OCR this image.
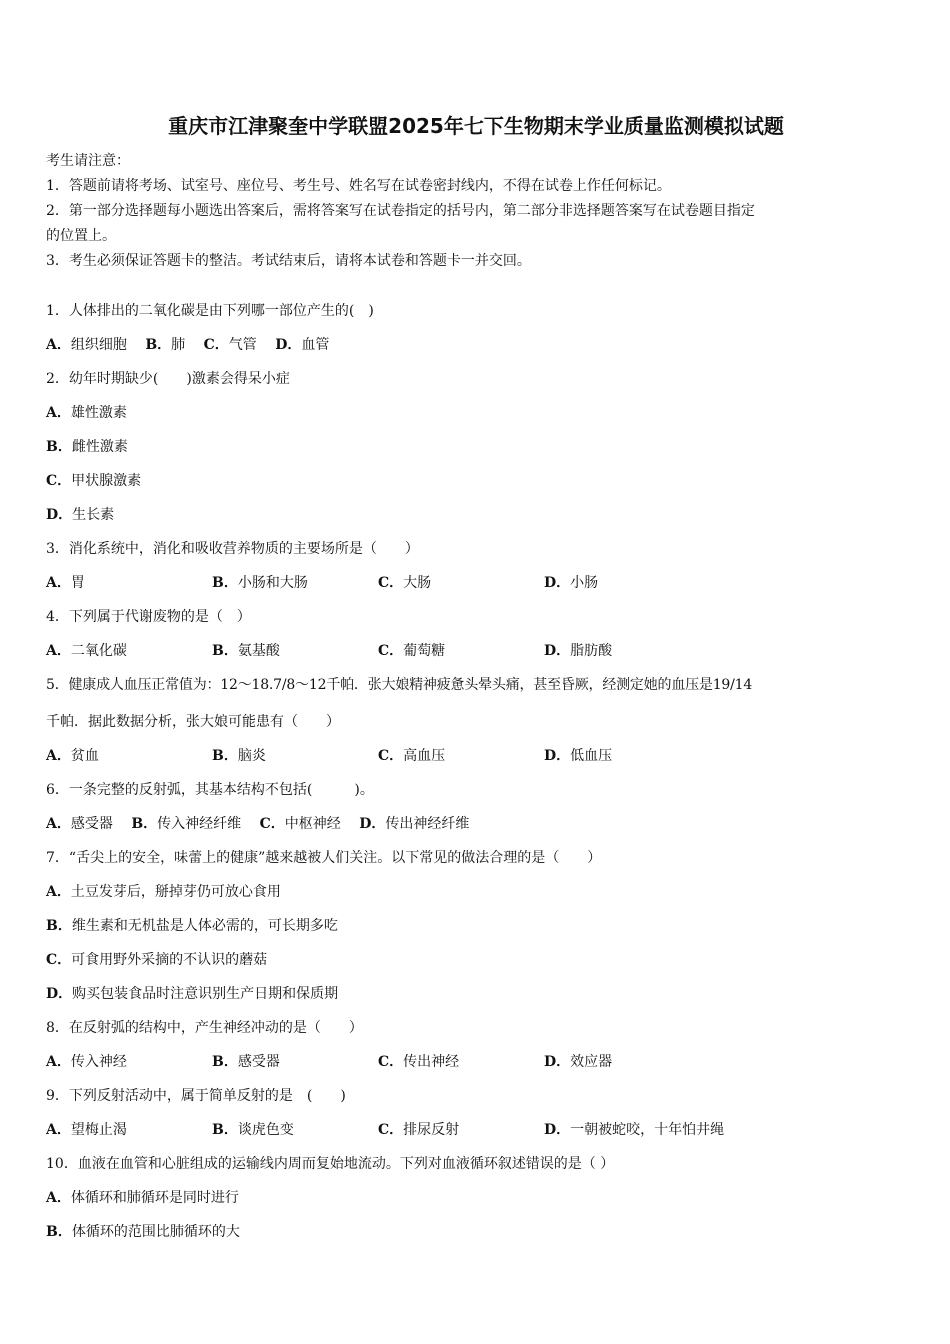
重庆市江津聚奎中学联盟2025年七下生物期末学业质量监测模拟试题

考生请注意：

1．答题前请将考场、试室号、座位号、考生号、姓名写在试卷密封线内，不得在试卷上作任何标记。

2．第一部分选择题每小题选出答案后，需将答案写在试卷指定的括号内，第二部分非选择题答案写在试卷题目指定

的位置上。

3．考生必须保证答题卡的整洁。考试结束后，请将本试卷和答题卡一并交回。

1．人体排出的二氧化碳是由下列哪一部位产生的(　)
A．组织细胞 B．肺 C．气管 D．血管
2．幼年时期缺少(　　)激素会得呆小症
A．雄性激素
B．雌性激素
C．甲状腺激素
D．生长素
3．消化系统中，消化和吸收营养物质的主要场所是（　　）
A．胃	B．小肠和大肠	C．大肠	D．小肠
4．下列属于代谢废物的是（　）
A．二氧化碳	B．氨基酸	C．葡萄糖	D．脂肪酸
5．健康成人血压正常值为：12～18.7/8～12千帕．张大娘精神疲惫头晕头痛，甚至昏厥，经测定她的血压是19/14
千帕．据此数据分析，张大娘可能患有（　　）
A．贫血	B．脑炎	C．高血压	D．低血压
6．一条完整的反射弧，其基本结构不包括(　　　)。
A．感受器 B．传入神经纤维 C．中枢神经 D．传出神经纤维
7．“舌尖上的安全，味蕾上的健康”越来越被人们关注。以下常见的做法合理的是（　　）
A．土豆发芽后，掰掉芽仍可放心食用
B．维生素和无机盐是人体必需的，可长期多吃
C．可食用野外采摘的不认识的蘑菇
D．购买包装食品时注意识别生产日期和保质期
8．在反射弧的结构中，产生神经冲动的是（　　）
A．传入神经	B．感受器	C．传出神经	D．效应器
9．下列反射活动中，属于简单反射的是　(　　)
A．望梅止渴	B．谈虎色变	C．排尿反射	D．一朝被蛇咬，十年怕井绳
10．血液在血管和心脏组成的运输线内周而复始地流动。下列对血液循环叙述错误的是（ ）
A．体循环和肺循环是同时进行
B．体循环的范围比肺循环的大
